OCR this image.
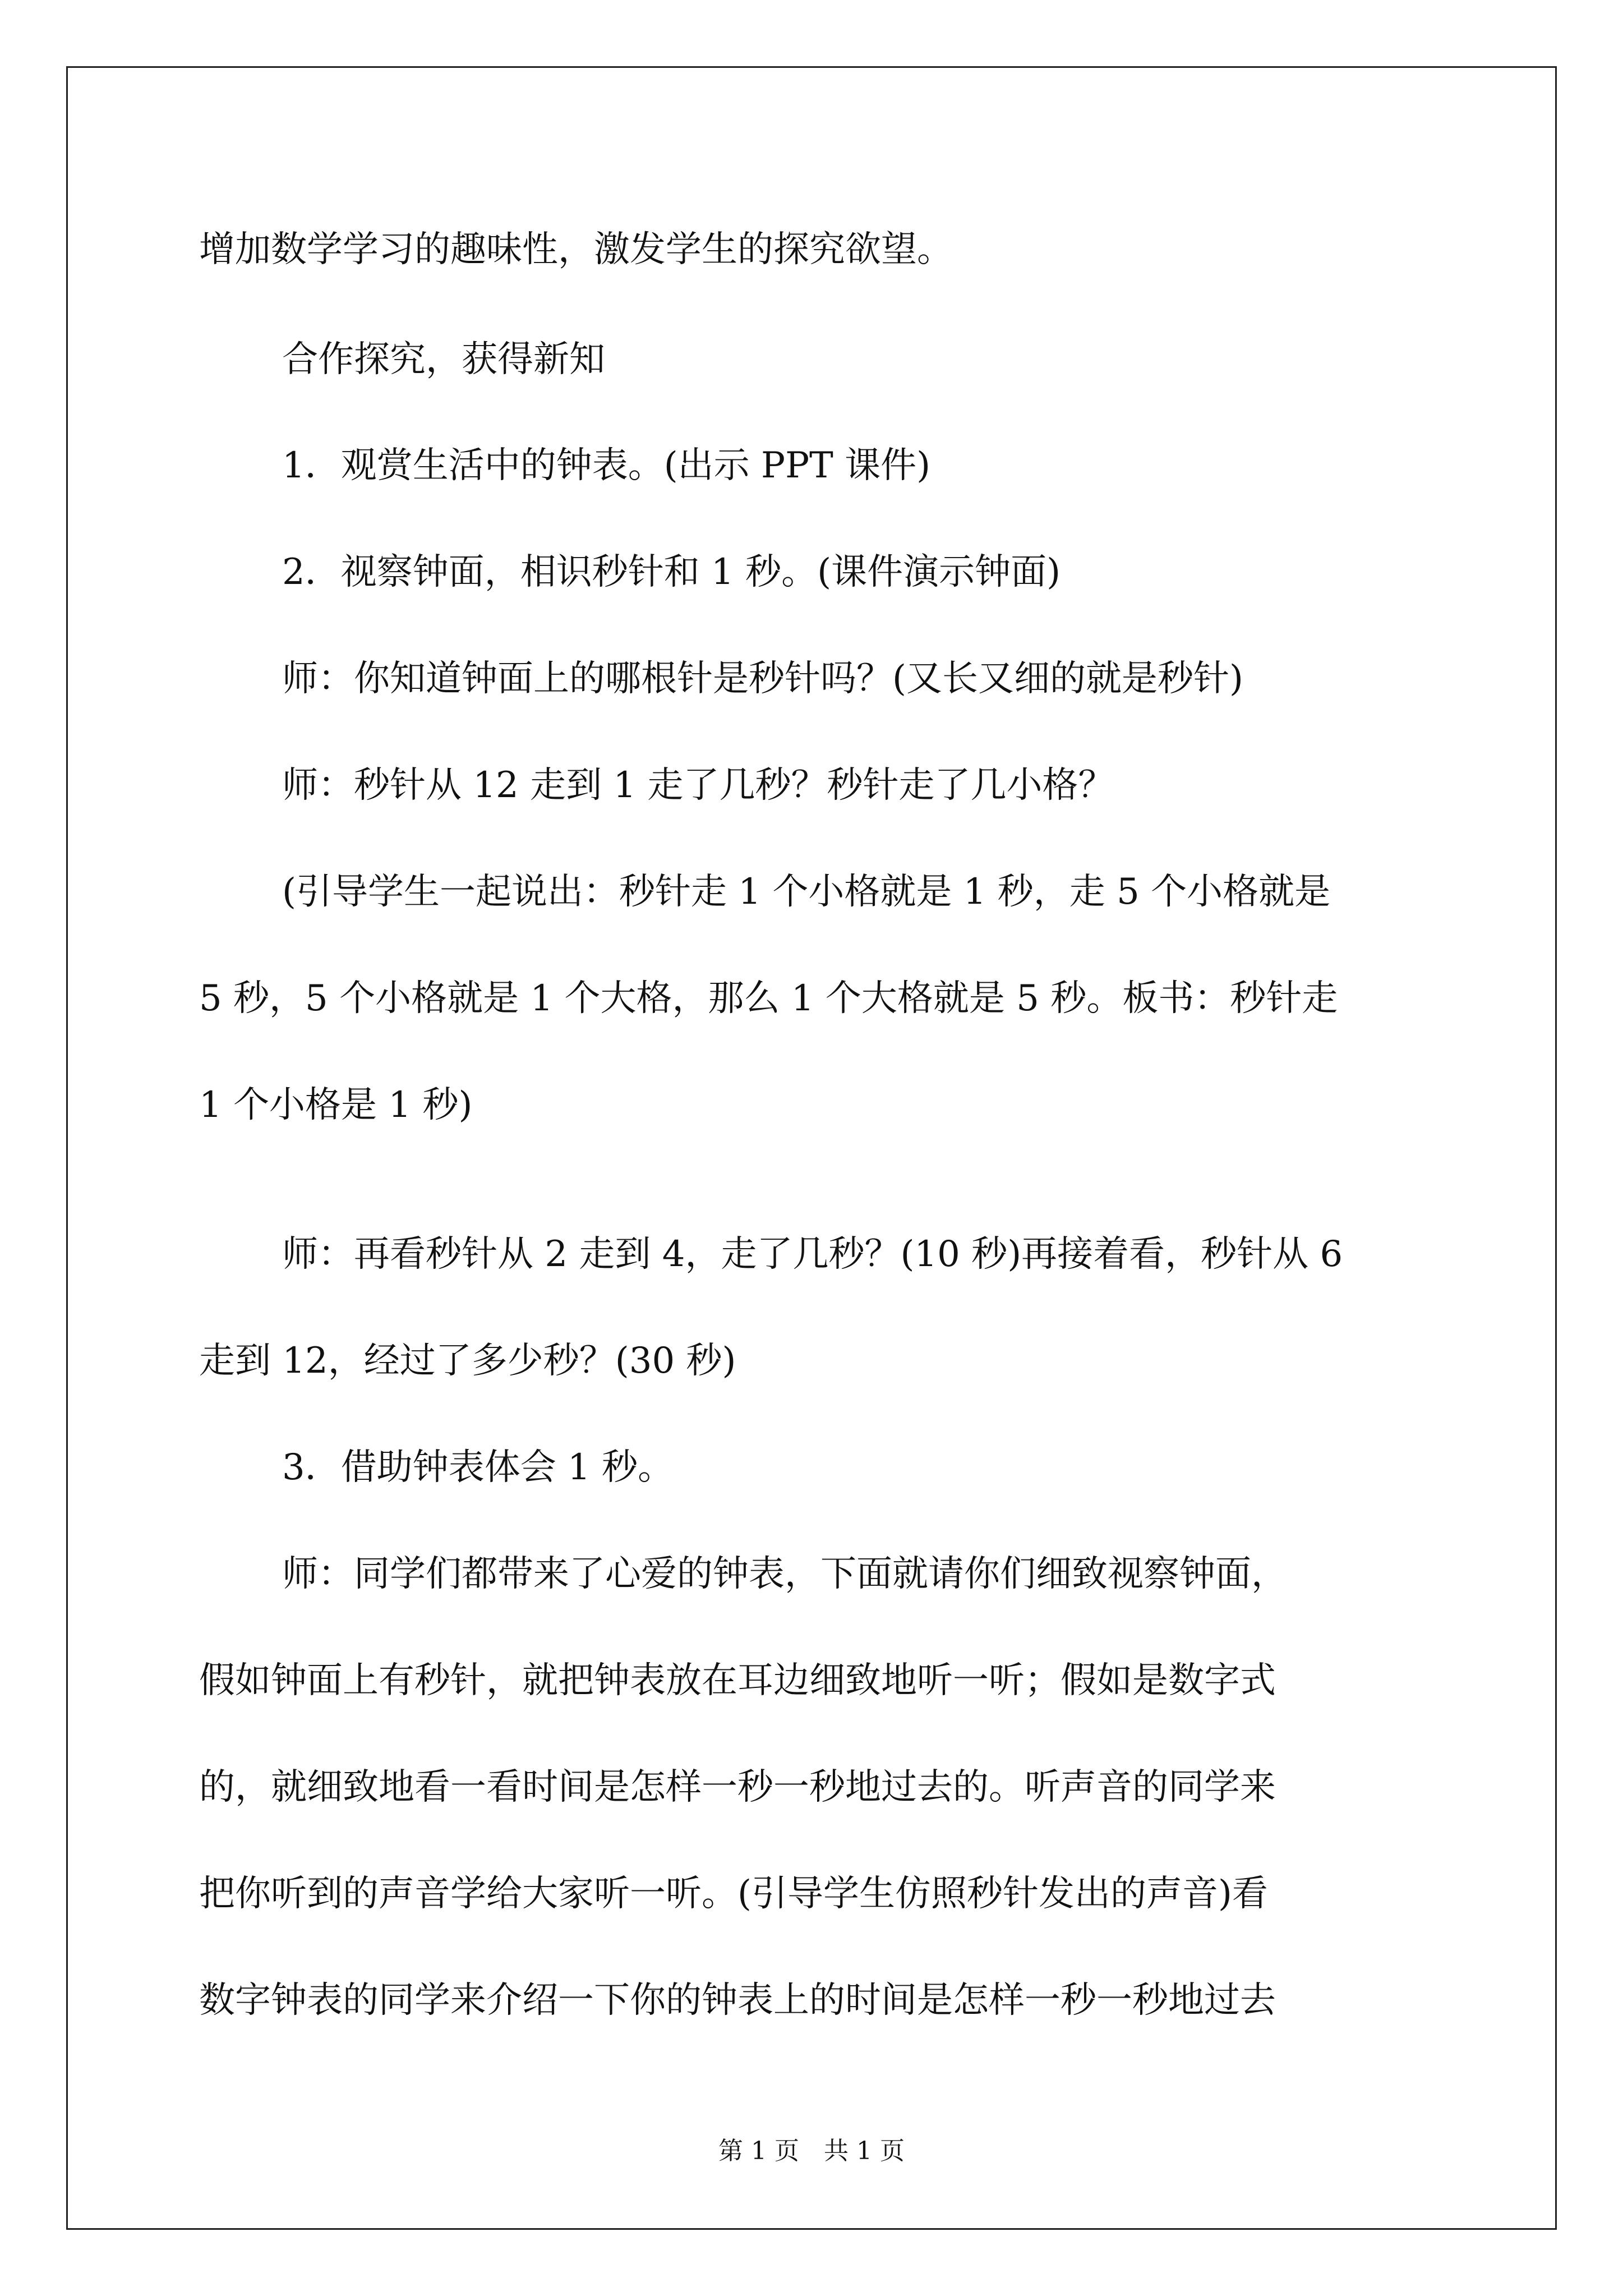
增加数学学习的趣味性，激发学生的探究欲望。
合作探究，获得新知
1．观赏生活中的钟表。(出示 PPT 课件)
2．视察钟面，相识秒针和 1 秒。(课件演示钟面)
师：你知道钟面上的哪根针是秒针吗？(又长又细的就是秒针)
师：秒针从 12 走到 1 走了几秒？秒针走了几小格？
(引导学生一起说出：秒针走 1 个小格就是 1 秒，走 5 个小格就是
5 秒，5 个小格就是 1 个大格，那么 1 个大格就是 5 秒。板书：秒针走
1 个小格是 1 秒)
师：再看秒针从 2 走到 4，走了几秒？(10 秒)再接着看，秒针从 6
走到 12，经过了多少秒？(30 秒)
3．借助钟表体会 1 秒。
师：同学们都带来了心爱的钟表，下面就请你们细致视察钟面，
假如钟面上有秒针，就把钟表放在耳边细致地听一听；假如是数字式
的，就细致地看一看时间是怎样一秒一秒地过去的。听声音的同学来
把你听到的声音学给大家听一听。(引导学生仿照秒针发出的声音)看
数字钟表的同学来介绍一下你的钟表上的时间是怎样一秒一秒地过去
第 1 页　共 1 页
